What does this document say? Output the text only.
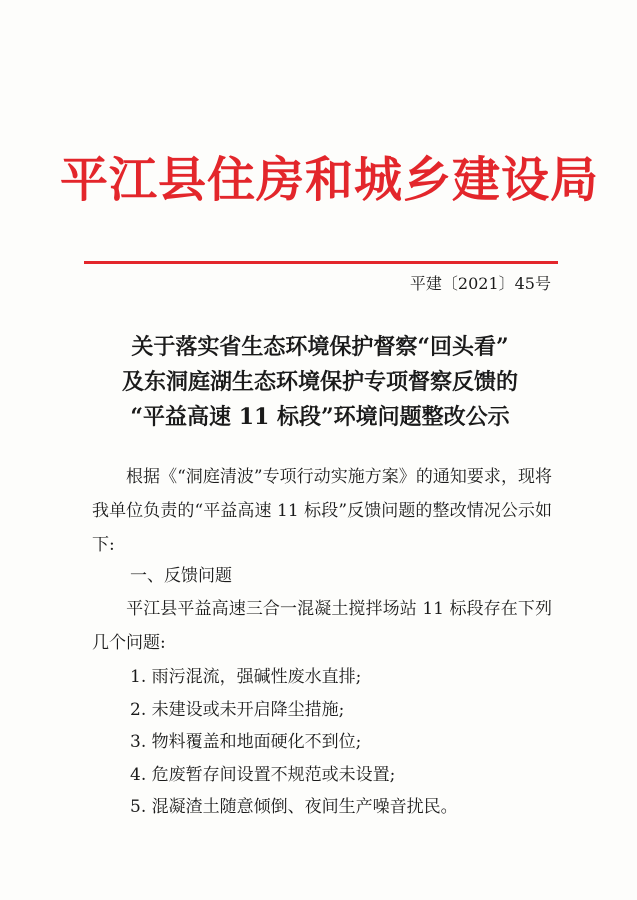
平江县住房和城乡建设局
平建〔2021〕45号
关于落实省生态环境保护督察“回头看”
及东洞庭湖生态环境保护专项督察反馈的
“平益高速 11 标段”环境问题整改公示
根据《“洞庭清波”专项行动实施方案》的通知要求，现将我单位负责的“平益高速 11 标段”反馈问题的整改情况公示如下:
一、反馈问题
平江县平益高速三合一混凝土搅拌场站 11 标段存在下列几个问题:
1. 雨污混流，强碱性废水直排;
2. 未建设或未开启降尘措施;
3. 物料覆盖和地面硬化不到位;
4. 危废暂存间设置不规范或未设置;
5. 混凝渣土随意倾倒、夜间生产噪音扰民。
